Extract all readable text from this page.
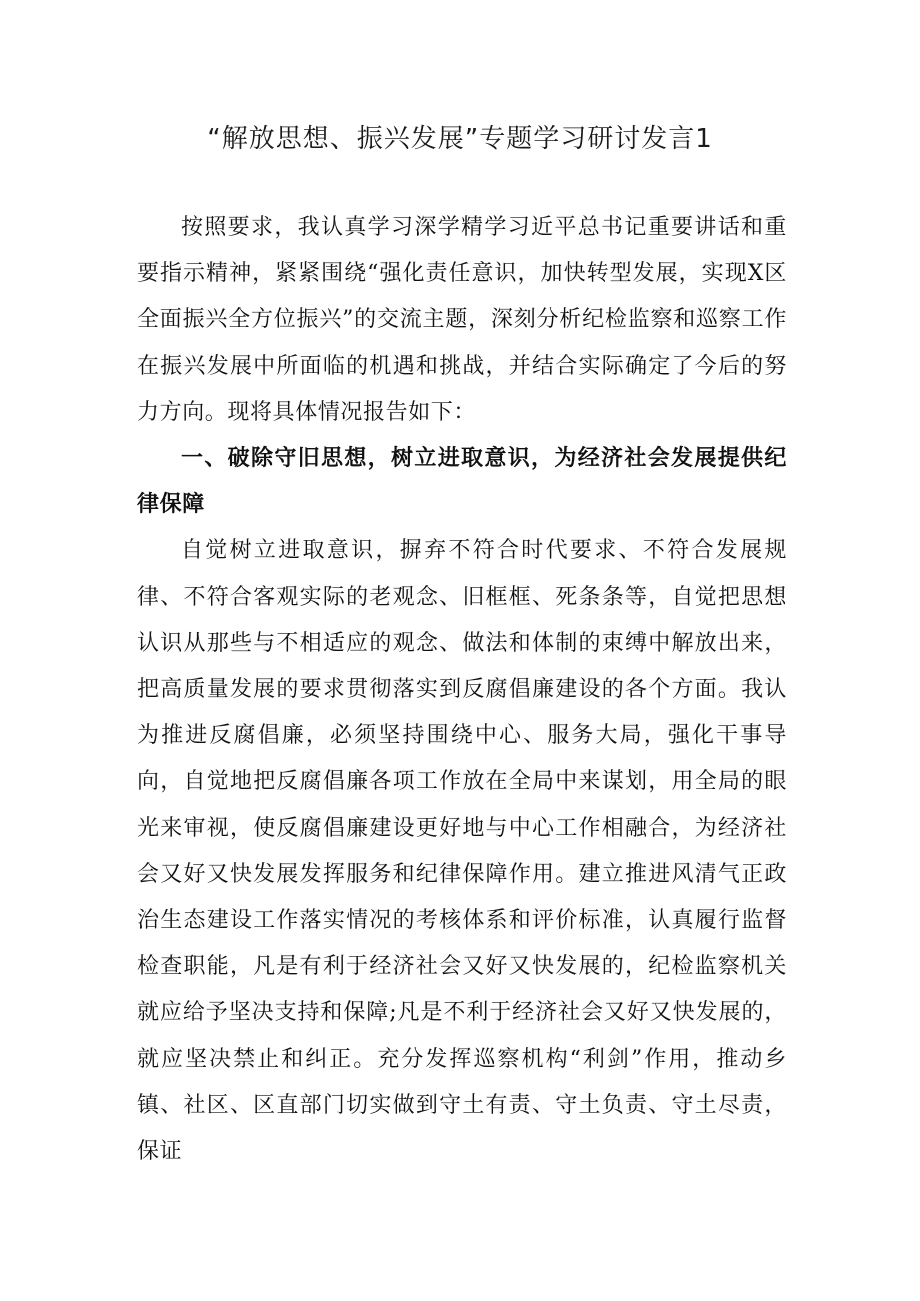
“解放思想、振兴发展”专题学习研讨发言1

按照要求，我认真学习深学精学习近平总书记重要讲话和重要指示精神，紧紧围绕“强化责任意识，加快转型发展，实现X区全面振兴全方位振兴”的交流主题，深刻分析纪检监察和巡察工作在振兴发展中所面临的机遇和挑战，并结合实际确定了今后的努力方向。现将具体情况报告如下：

一、破除守旧思想，树立进取意识，为经济社会发展提供纪律保障

自觉树立进取意识，摒弃不符合时代要求、不符合发展规律、不符合客观实际的老观念、旧框框、死条条等，自觉把思想认识从那些与不相适应的观念、做法和体制的束缚中解放出来，把高质量发展的要求贯彻落实到反腐倡廉建设的各个方面。我认为推进反腐倡廉，必须坚持围绕中心、服务大局，强化干事导向，自觉地把反腐倡廉各项工作放在全局中来谋划，用全局的眼光来审视，使反腐倡廉建设更好地与中心工作相融合，为经济社会又好又快发展发挥服务和纪律保障作用。建立推进风清气正政治生态建设工作落实情况的考核体系和评价标准，认真履行监督检查职能，凡是有利于经济社会又好又快发展的，纪检监察机关就应给予坚决支持和保障;凡是不利于经济社会又好又快发展的，就应坚决禁止和纠正。充分发挥巡察机构“利剑”作用，推动乡镇、社区、区直部门切实做到守土有责、守土负责、守土尽责，保证
